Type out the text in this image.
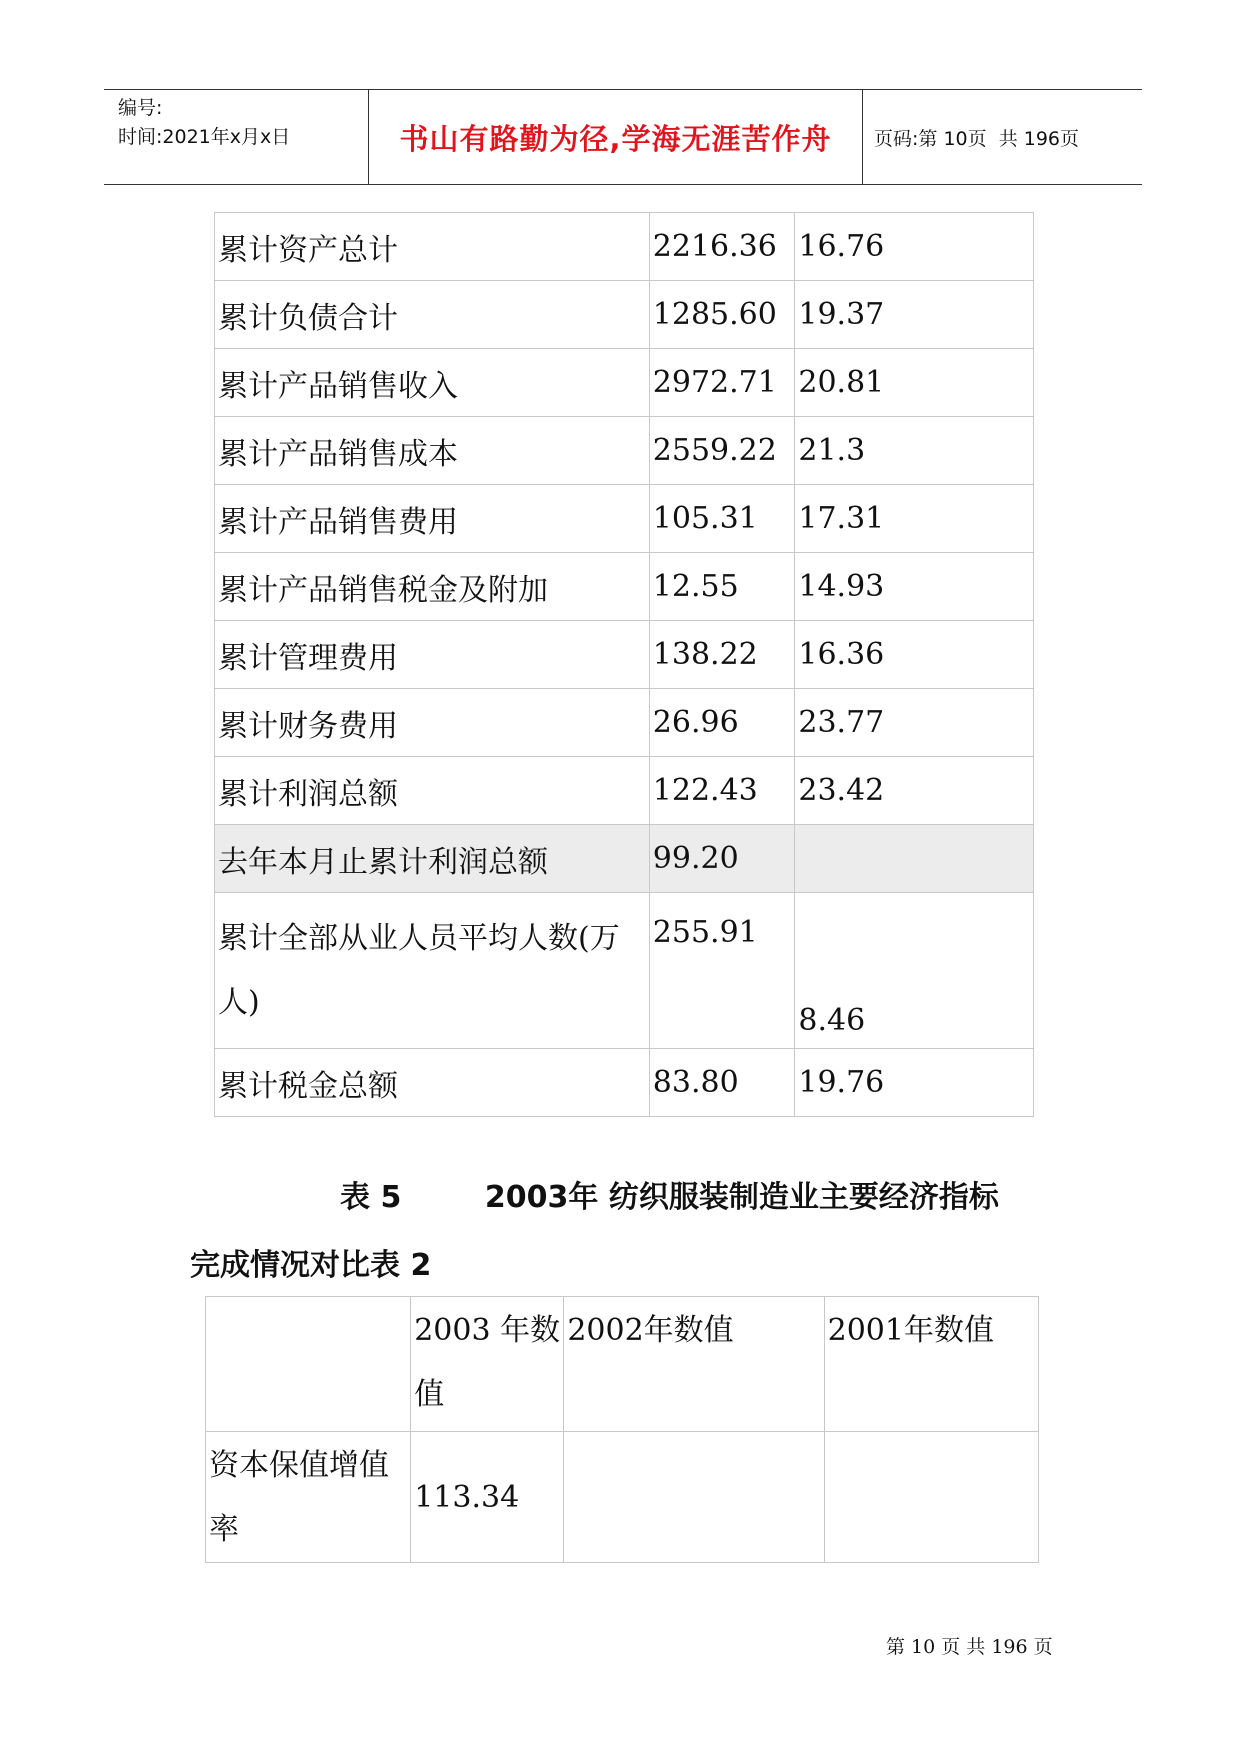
编号:
时间:2021年x月x日	书山有路勤为径,学海无涯苦作舟	页码:第 10页  共 196页
累计资产总计	2216.36	16.76
累计负债合计	1285.60	19.37
累计产品销售收入	2972.71	20.81
累计产品销售成本	2559.22	21.3
累计产品销售费用	105.31	17.31
累计产品销售税金及附加	12.55	14.93
累计管理费用	138.22	16.36
累计财务费用	26.96	23.77
累计利润总额	122.43	23.42
去年本月止累计利润总额	99.20	
累计全部从业人员平均人数(万人)	255.91	8.46
累计税金总额	83.80	19.76
表 5        2003年 纺织服装制造业主要经济指标
完成情况对比表 2
	2003 年数值	2002年数值	2001年数值
资本保值增值率	113.34		
第 10 页 共 196 页
